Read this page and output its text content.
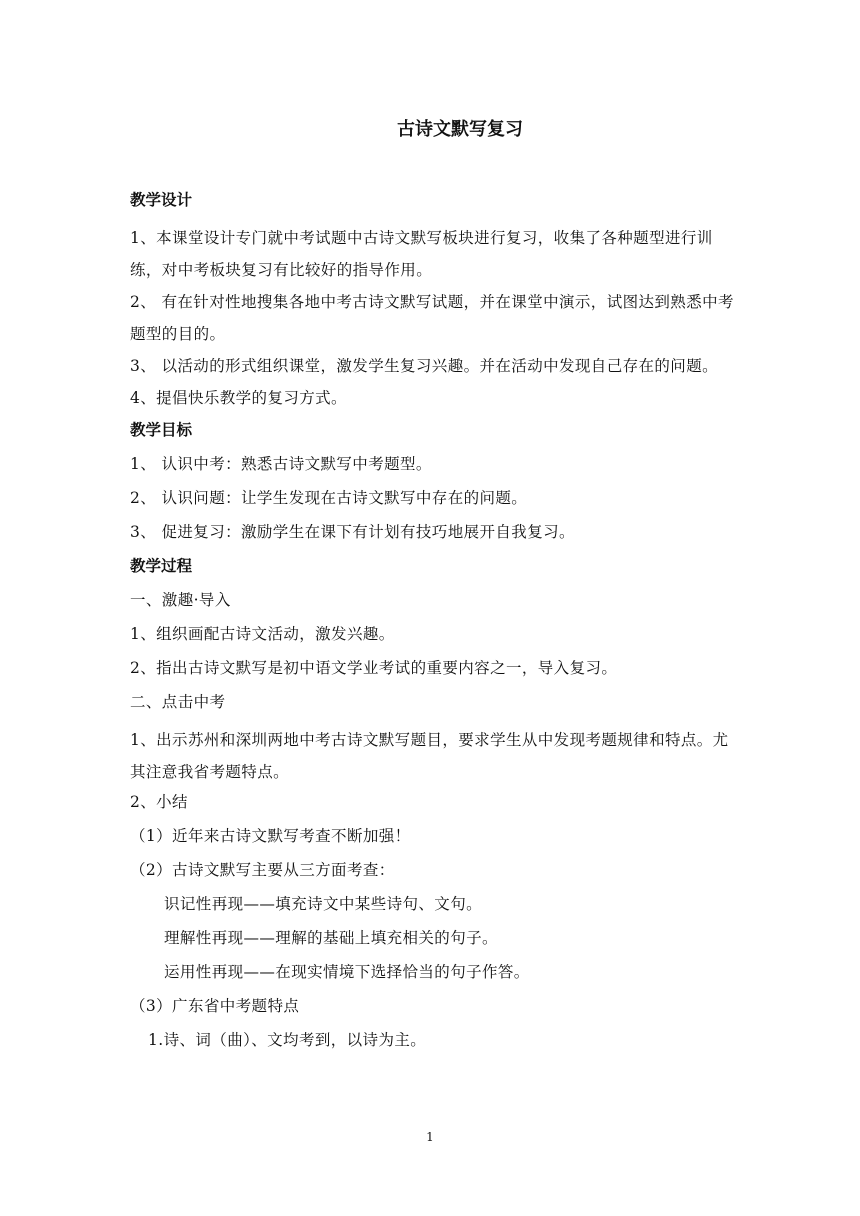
古诗文默写复习
教学设计

1、本课堂设计专门就中考试题中古诗文默写板块进行复习，收集了各种题型进行训练，对中考板块复习有比较好的指导作用。

2、 有在针对性地搜集各地中考古诗文默写试题，并在课堂中演示，试图达到熟悉中考题型的目的。

3、 以活动的形式组织课堂，激发学生复习兴趣。并在活动中发现自己存在的问题。

4、提倡快乐教学的复习方式。

教学目标

1、 认识中考：熟悉古诗文默写中考题型。

2、 认识问题：让学生发现在古诗文默写中存在的问题。

3、 促进复习：激励学生在课下有计划有技巧地展开自我复习。

教学过程

一、激趣·导入

1、组织画配古诗文活动，激发兴趣。

2、指出古诗文默写是初中语文学业考试的重要内容之一，导入复习。

二、点击中考

1、出示苏州和深圳两地中考古诗文默写题目，要求学生从中发现考题规律和特点。尤其注意我省考题特点。

2、小结

（1）近年来古诗文默写考查不断加强！

（2）古诗文默写主要从三方面考查：

识记性再现——填充诗文中某些诗句、文句。

理解性再现——理解的基础上填充相关的句子。

运用性再现——在现实情境下选择恰当的句子作答。

（3）广东省中考题特点

1.诗、词（曲）、文均考到，以诗为主。

1
